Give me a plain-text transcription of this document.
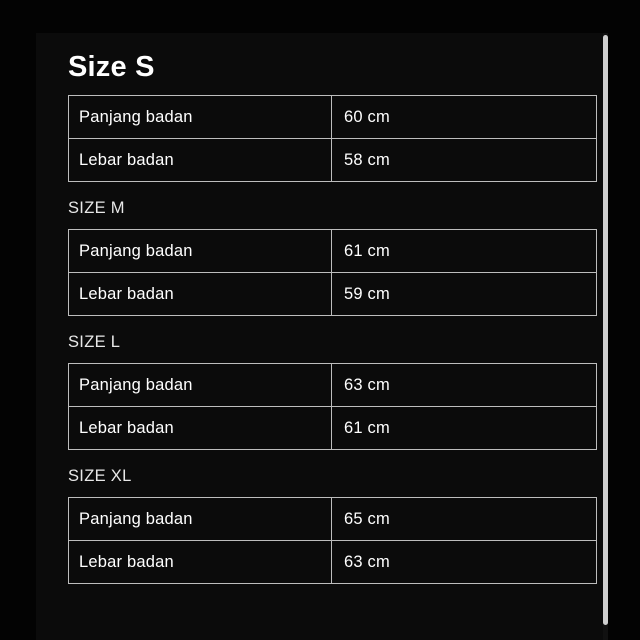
Size S
Panjang badan	60 cm
Lebar badan	58 cm

SIZE M

Panjang badan	61 cm
Lebar badan	59 cm

SIZE L

Panjang badan	63 cm
Lebar badan	61 cm

SIZE XL

Panjang badan	65 cm
Lebar badan	63 cm
